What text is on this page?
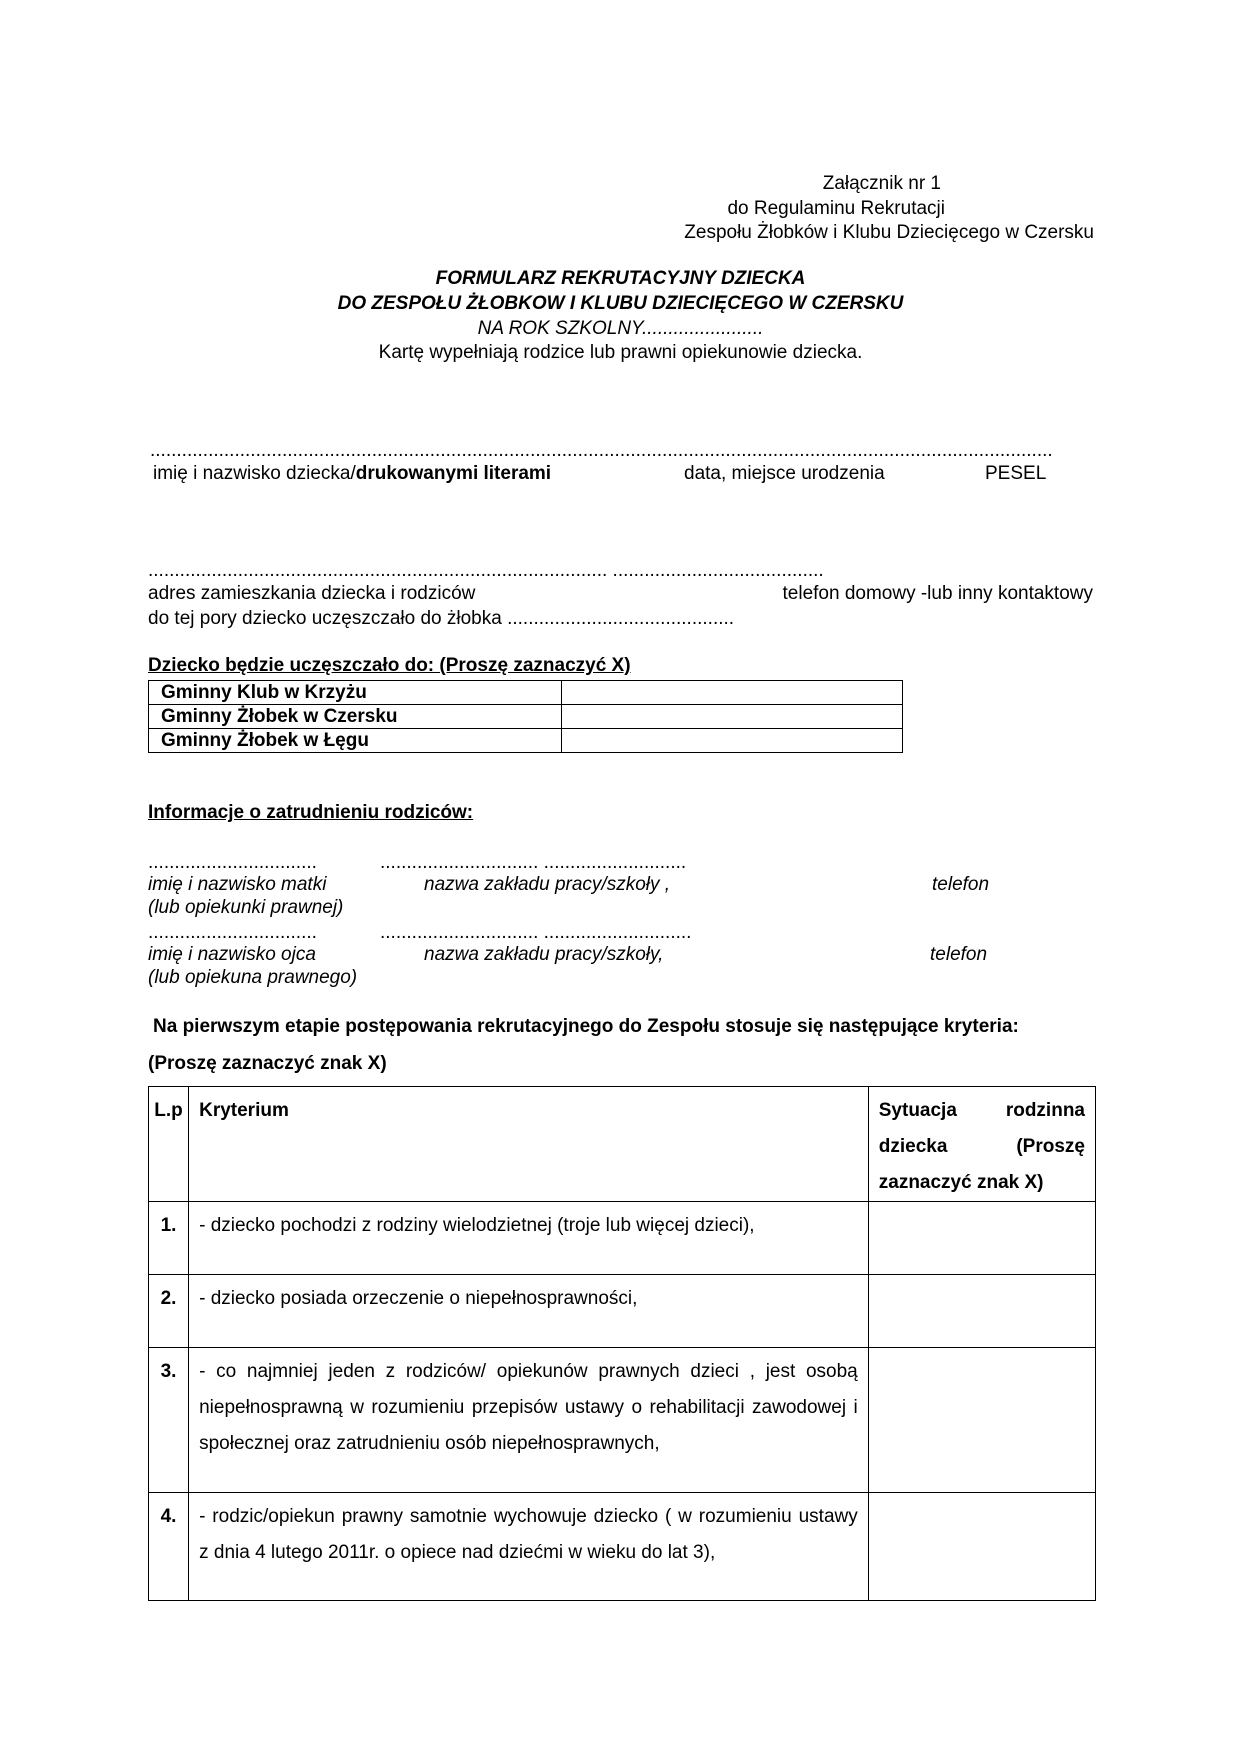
Załącznik nr 1
do Regulaminu Rekrutacji
Zespołu Żłobków i Klubu Dziecięcego w Czersku
FORMULARZ REKRUTACYJNY DZIECKA
DO ZESPOŁU ŻŁOBKOW I KLUBU DZIECIĘCEGO W CZERSKU
NA ROK SZKOLNY.......................
Kartę wypełniają rodzice lub prawni opiekunowie dziecka.
...........................................................................................................................................................................
imię i nazwisko dziecka/drukowanymi literami	data, miejsce urodzenia	PESEL
....................................................................................... ........................................
adres zamieszkania dziecka i rodziców	telefon domowy -lub inny kontaktowy
do tej pory dziecko uczęszczało do żłobka ...........................................
Dziecko będzie uczęszczało do: (Proszę zaznaczyć X)
Gminny Klub w Krzyżu	
Gminny Żłobek w Czersku	
Gminny Żłobek w Łęgu	
Informacje o zatrudnieniu rodziców:
................................	.............................. ...........................
imię i nazwisko matki	nazwa zakładu pracy/szkoły ,	telefon
(lub opiekunki prawnej)
................................	.............................. ............................
imię i nazwisko ojca	nazwa zakładu pracy/szkoły,	telefon
(lub opiekuna prawnego)
Na pierwszym etapie postępowania rekrutacyjnego do Zespołu stosuje się następujące kryteria:
(Proszę zaznaczyć znak X)
L.p	Kryterium	Sytuacja rodzinna dziecka (Proszę zaznaczyć znak X)
1.	- dziecko pochodzi z rodziny wielodzietnej (troje lub więcej dzieci),	
2.	- dziecko posiada orzeczenie o niepełnosprawności,	
3.	- co najmniej jeden z rodziców/ opiekunów prawnych dzieci , jest osobą niepełnosprawną w rozumieniu przepisów ustawy o rehabilitacji zawodowej i społecznej oraz zatrudnieniu osób niepełnosprawnych,	
4.	- rodzic/opiekun prawny samotnie wychowuje dziecko ( w rozumieniu ustawy z dnia 4 lutego 2011r. o opiece nad dziećmi w wieku do lat 3),	
